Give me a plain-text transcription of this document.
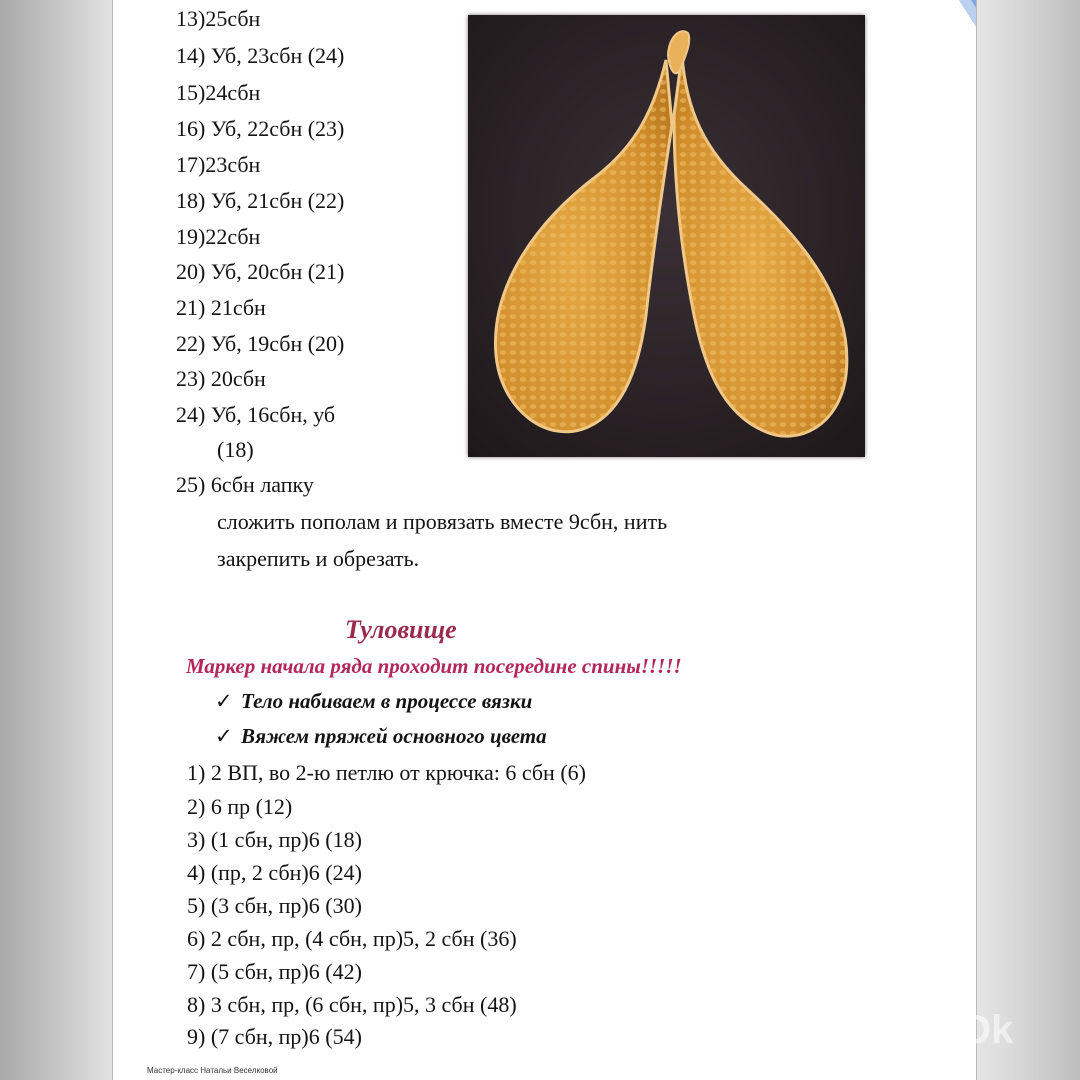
13)25сбн
14) Уб, 23сбн (24)
15)24сбн
16) Уб, 22сбн (23)
17)23сбн
18) Уб, 21сбн (22)
19)22сбн
20) Уб, 20сбн (21)
21) 21сбн
22) Уб, 19сбн (20)
23) 20сбн
24) Уб, 16сбн, уб
(18)
25) 6сбн лапку
сложить пополам и провязать вместе 9сбн, нить
закрепить и обрезать.
Туловище
Маркер начала ряда проходит посередине спины!!!!!
✓ Тело набиваем в процессе вязки
✓ Вяжем пряжей основного цвета
1) 2 ВП, во 2-ю петлю от крючка: 6 сбн (6)
2) 6 пр (12)
3) (1 сбн, пр)6 (18)
4) (пр, 2 сбн)6 (24)
5) (3 сбн, пр)6 (30)
6) 2 сбн, пр, (4 сбн, пр)5, 2 сбн (36)
7) (5 сбн, пр)6 (42)
8) 3 сбн, пр, (6 сбн, пр)5, 3 сбн (48)
9) (7 сбн, пр)6 (54)
Мастер-класс Натальи Веселковой
Ok
